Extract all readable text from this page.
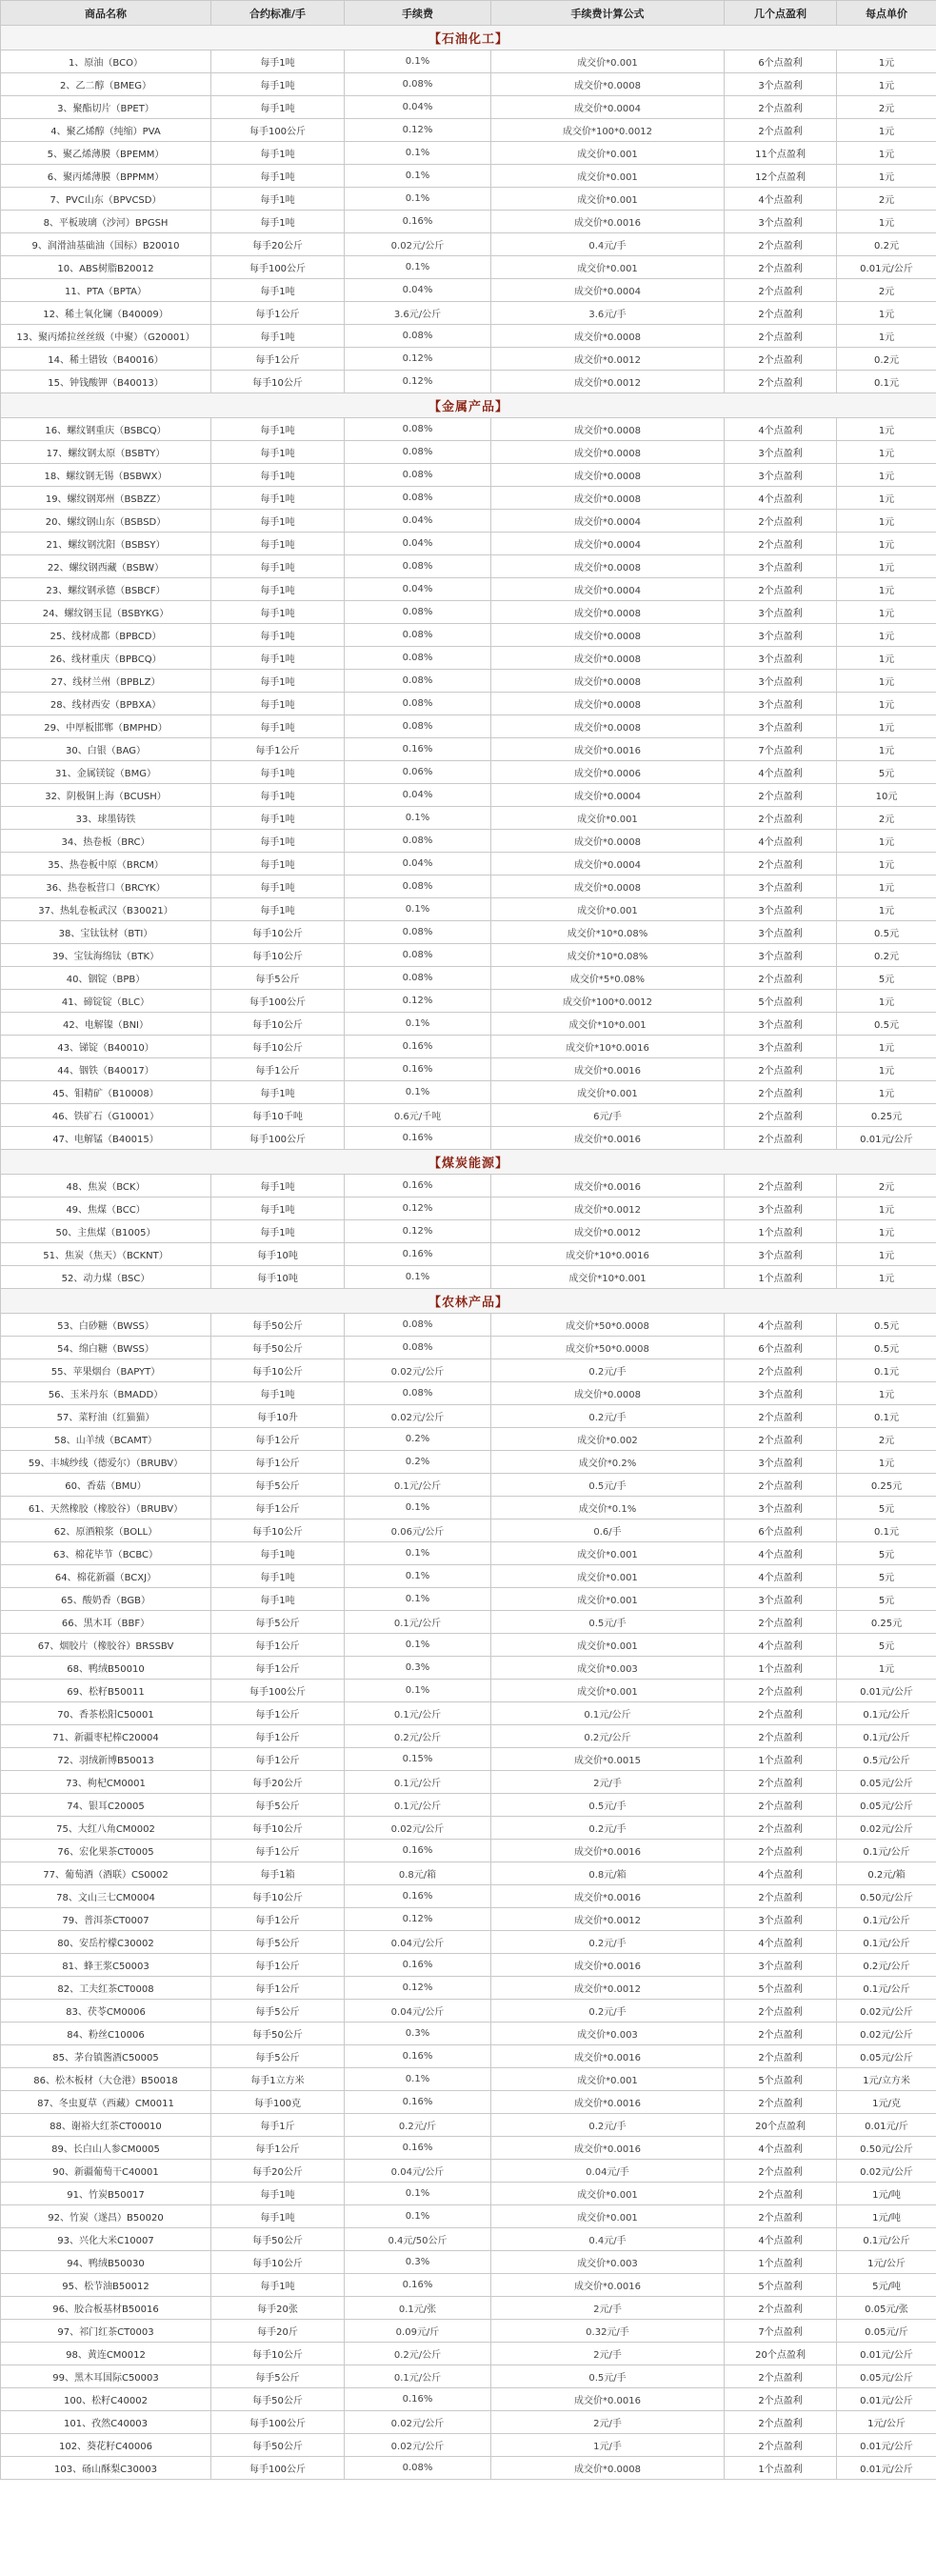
商品名称	合约标准/手	手续费	手续费计算公式	几个点盈利	每点单价
【石油化工】					
1、原油（BCO）	每手1吨	0.1%	成交价*0.001	6个点盈利	1元
2、乙二醇（BMEG）	每手1吨	0.08%	成交价*0.0008	3个点盈利	1元
3、聚酯切片（BPET）	每手1吨	0.04%	成交价*0.0004	2个点盈利	2元
4、聚乙烯醇（纯缩）PVA	每手100公斤	0.12%	成交价*100*0.0012	2个点盈利	1元
5、聚乙烯薄膜（BPEMM）	每手1吨	0.1%	成交价*0.001	11个点盈利	1元
6、聚丙烯薄膜（BPPMM）	每手1吨	0.1%	成交价*0.001	12个点盈利	1元
7、PVC山东（BPVCSD）	每手1吨	0.1%	成交价*0.001	4个点盈利	2元
8、平板玻璃（沙河）BPGSH	每手1吨	0.16%	成交价*0.0016	3个点盈利	1元
9、润滑油基础油（国标）B20010	每手20公斤	0.02元/公斤	0.4元/手	2个点盈利	0.2元
10、ABS树脂B20012	每手100公斤	0.1%	成交价*0.001	2个点盈利	0.01元/公斤
11、PTA（BPTA）	每手1吨	0.04%	成交价*0.0004	2个点盈利	2元
12、稀土氧化镧（B40009）	每手1公斤	3.6元/公斤	3.6元/手	2个点盈利	1元
13、聚丙烯拉丝丝级（中聚）（G20001）	每手1吨	0.08%	成交价*0.0008	2个点盈利	1元
14、稀土镨钕（B40016）	每手1公斤	0.12%	成交价*0.0012	2个点盈利	0.2元
15、钟钱酸钾（B40013）	每手10公斤	0.12%	成交价*0.0012	2个点盈利	0.1元
【金属产品】					
16、螺纹钢重庆（BSBCQ）	每手1吨	0.08%	成交价*0.0008	4个点盈利	1元
17、螺纹钢太原（BSBTY）	每手1吨	0.08%	成交价*0.0008	3个点盈利	1元
18、螺纹钢无锡（BSBWX）	每手1吨	0.08%	成交价*0.0008	3个点盈利	1元
19、螺纹钢郑州（BSBZZ）	每手1吨	0.08%	成交价*0.0008	4个点盈利	1元
20、螺纹钢山东（BSBSD）	每手1吨	0.04%	成交价*0.0004	2个点盈利	1元
21、螺纹钢沈阳（BSBSY）	每手1吨	0.04%	成交价*0.0004	2个点盈利	1元
22、螺纹钢西藏（BSBW）	每手1吨	0.08%	成交价*0.0008	3个点盈利	1元
23、螺纹钢承德（BSBCF）	每手1吨	0.04%	成交价*0.0004	2个点盈利	1元
24、螺纹钢玉昆（BSBYKG）	每手1吨	0.08%	成交价*0.0008	3个点盈利	1元
25、线材成都（BPBCD）	每手1吨	0.08%	成交价*0.0008	3个点盈利	1元
26、线材重庆（BPBCQ）	每手1吨	0.08%	成交价*0.0008	3个点盈利	1元
27、线材兰州（BPBLZ）	每手1吨	0.08%	成交价*0.0008	3个点盈利	1元
28、线材西安（BPBXA）	每手1吨	0.08%	成交价*0.0008	3个点盈利	1元
29、中厚板邯郸（BMPHD）	每手1吨	0.08%	成交价*0.0008	3个点盈利	1元
30、白银（BAG）	每手1公斤	0.16%	成交价*0.0016	7个点盈利	1元
31、金属镁锭（BMG）	每手1吨	0.06%	成交价*0.0006	4个点盈利	5元
32、阴极铜上海（BCUSH）	每手1吨	0.04%	成交价*0.0004	2个点盈利	10元
33、球墨铸铁	每手1吨	0.1%	成交价*0.001	2个点盈利	2元
34、热卷板（BRC）	每手1吨	0.08%	成交价*0.0008	4个点盈利	1元
35、热卷板中原（BRCM）	每手1吨	0.04%	成交价*0.0004	2个点盈利	1元
36、热卷板营口（BRCYK）	每手1吨	0.08%	成交价*0.0008	3个点盈利	1元
37、热轧卷板武汉（B30021）	每手1吨	0.1%	成交价*0.001	3个点盈利	1元
38、宝钛钛材（BTI）	每手10公斤	0.08%	成交价*10*0.08%	3个点盈利	0.5元
39、宝钛海绵钛（BTK）	每手10公斤	0.08%	成交价*10*0.08%	3个点盈利	0.2元
40、铟锭（BPB）	每手5公斤	0.08%	成交价*5*0.08%	2个点盈利	5元
41、碲锭锭（BLC）	每手100公斤	0.12%	成交价*100*0.0012	5个点盈利	1元
42、电解镍（BNI）	每手10公斤	0.1%	成交价*10*0.001	3个点盈利	0.5元
43、锑锭（B40010）	每手10公斤	0.16%	成交价*10*0.0016	3个点盈利	1元
44、铟铁（B40017）	每手1公斤	0.16%	成交价*0.0016	2个点盈利	1元
45、钼精矿（B10008）	每手1吨	0.1%	成交价*0.001	2个点盈利	1元
46、铁矿石（G10001）	每手10千吨	0.6元/千吨	6元/手	2个点盈利	0.25元
47、电解锰（B40015）	每手100公斤	0.16%	成交价*0.0016	2个点盈利	0.01元/公斤
【煤炭能源】					
48、焦炭（BCK）	每手1吨	0.16%	成交价*0.0016	2个点盈利	2元
49、焦煤（BCC）	每手1吨	0.12%	成交价*0.0012	3个点盈利	1元
50、主焦煤（B1005）	每手1吨	0.12%	成交价*0.0012	1个点盈利	1元
51、焦炭（焦天）（BCKNT）	每手10吨	0.16%	成交价*10*0.0016	3个点盈利	1元
52、动力煤（BSC）	每手10吨	0.1%	成交价*10*0.001	1个点盈利	1元
【农林产品】					
53、白砂糖（BWSS）	每手50公斤	0.08%	成交价*50*0.0008	4个点盈利	0.5元
54、绵白糖（BWSS）	每手50公斤	0.08%	成交价*50*0.0008	6个点盈利	0.5元
55、苹果烟台（BAPYT）	每手10公斤	0.02元/公斤	0.2元/手	2个点盈利	0.1元
56、玉米丹东（BMADD）	每手1吨	0.08%	成交价*0.0008	3个点盈利	1元
57、菜籽油（红猫猫）	每手10升	0.02元/公斤	0.2元/手	2个点盈利	0.1元
58、山羊绒（BCAMT）	每手1公斤	0.2%	成交价*0.002	2个点盈利	2元
59、丰城纱线（德爱尔）（BRUBV）	每手1公斤	0.2%	成交价*0.2%	3个点盈利	1元
60、香菇（BMU）	每手5公斤	0.1元/公斤	0.5元/手	2个点盈利	0.25元
61、天然橡胶（橡胶谷）（BRUBV）	每手1公斤	0.1%	成交价*0.1%	3个点盈利	5元
62、原酒粮浆（BOLL）	每手10公斤	0.06元/公斤	0.6/手	6个点盈利	0.1元
63、棉花毕节（BCBC）	每手1吨	0.1%	成交价*0.001	4个点盈利	5元
64、棉花新疆（BCXJ）	每手1吨	0.1%	成交价*0.001	4个点盈利	5元
65、酸奶香（BGB）	每手1吨	0.1%	成交价*0.001	3个点盈利	5元
66、黑木耳（BBF）	每手5公斤	0.1元/公斤	0.5元/手	2个点盈利	0.25元
67、烟胶片（橡胶谷）BRSSBV	每手1公斤	0.1%	成交价*0.001	4个点盈利	5元
68、鸭绒B50010	每手1公斤	0.3%	成交价*0.003	1个点盈利	1元
69、松籽B50011	每手100公斤	0.1%	成交价*0.001	2个点盈利	0.01元/公斤
70、香茶松阳C50001	每手1公斤	0.1元/公斤	0.1元/公斤	2个点盈利	0.1元/公斤
71、新疆枣杞棒C20004	每手1公斤	0.2元/公斤	0.2元/公斤	2个点盈利	0.1元/公斤
72、羽绒新博B50013	每手1公斤	0.15%	成交价*0.0015	1个点盈利	0.5元/公斤
73、枸杞CM0001	每手20公斤	0.1元/公斤	2元/手	2个点盈利	0.05元/公斤
74、银耳C20005	每手5公斤	0.1元/公斤	0.5元/手	2个点盈利	0.05元/公斤
75、大红八角CM0002	每手10公斤	0.02元/公斤	0.2元/手	2个点盈利	0.02元/公斤
76、宏化果茶CT0005	每手1公斤	0.16%	成交价*0.0016	2个点盈利	0.1元/公斤
77、葡萄酒（酒联）CS0002	每手1箱	0.8元/箱	0.8元/箱	4个点盈利	0.2元/箱
78、文山三七CM0004	每手10公斤	0.16%	成交价*0.0016	2个点盈利	0.50元/公斤
79、普洱茶CT0007	每手1公斤	0.12%	成交价*0.0012	3个点盈利	0.1元/公斤
80、安岳柠檬C30002	每手5公斤	0.04元/公斤	0.2元/手	4个点盈利	0.1元/公斤
81、蜂王浆C50003	每手1公斤	0.16%	成交价*0.0016	3个点盈利	0.2元/公斤
82、工夫红茶CT0008	每手1公斤	0.12%	成交价*0.0012	5个点盈利	0.1元/公斤
83、茯苓CM0006	每手5公斤	0.04元/公斤	0.2元/手	2个点盈利	0.02元/公斤
84、粉丝C10006	每手50公斤	0.3%	成交价*0.003	2个点盈利	0.02元/公斤
85、茅台镇酱酒C50005	每手5公斤	0.16%	成交价*0.0016	2个点盈利	0.05元/公斤
86、松木板材（大仓港）B50018	每手1立方米	0.1%	成交价*0.001	5个点盈利	1元/立方米
87、冬虫夏草（西藏）CM0011	每手100克	0.16%	成交价*0.0016	2个点盈利	1元/克
88、谢裕大红茶CT00010	每手1斤	0.2元/斤	0.2元/手	20个点盈利	0.01元/斤
89、长白山人参CM0005	每手1公斤	0.16%	成交价*0.0016	4个点盈利	0.50元/公斤
90、新疆葡萄干C40001	每手20公斤	0.04元/公斤	0.04元/手	2个点盈利	0.02元/公斤
91、竹炭B50017	每手1吨	0.1%	成交价*0.001	2个点盈利	1元/吨
92、竹炭（遂昌）B50020	每手1吨	0.1%	成交价*0.001	2个点盈利	1元/吨
93、兴化大米C10007	每手50公斤	0.4元/50公斤	0.4元/手	4个点盈利	0.1元/公斤
94、鸭绒B50030	每手10公斤	0.3%	成交价*0.003	1个点盈利	1元/公斤
95、松节油B50012	每手1吨	0.16%	成交价*0.0016	5个点盈利	5元/吨
96、胶合板基材B50016	每手20张	0.1元/张	2元/手	2个点盈利	0.05元/张
97、祁门红茶CT0003	每手20斤	0.09元/斤	0.32元/手	7个点盈利	0.05元/斤
98、黄连CM0012	每手10公斤	0.2元/公斤	2元/手	20个点盈利	0.01元/公斤
99、黑木耳国际C50003	每手5公斤	0.1元/公斤	0.5元/手	2个点盈利	0.05元/公斤
100、松籽C40002	每手50公斤	0.16%	成交价*0.0016	2个点盈利	0.01元/公斤
101、孜然C40003	每手100公斤	0.02元/公斤	2元/手	2个点盈利	1元/公斤
102、葵花籽C40006	每手50公斤	0.02元/公斤	1元/手	2个点盈利	0.01元/公斤
103、砀山酥梨C30003	每手100公斤	0.08%	成交价*0.0008	1个点盈利	0.01元/公斤
